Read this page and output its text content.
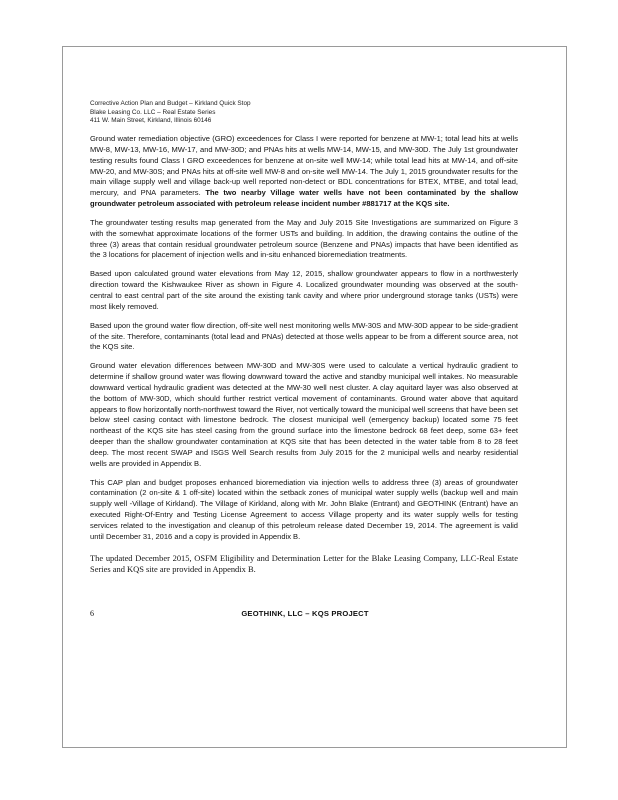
Corrective Action Plan and Budget – Kirkland Quick Stop
Blake Leasing Co. LLC – Real Estate Series
411 W. Main Street, Kirkland, Illinois 60146

Ground water remediation objective (GRO) exceedences for Class I were reported for benzene at MW-1; total lead hits at wells MW-8, MW-13, MW-16, MW-17, and MW-30D; and PNAs hits at wells MW-14, MW-15, and MW-30D. The July 1st groundwater testing results found Class I GRO exceedences for benzene at on-site well MW-14; while total lead hits at MW-14, and off-site MW-20, and MW-30S; and PNAs hits at off-site well MW-8 and on-site well MW-14. The July 1, 2015 groundwater results for the main village supply well and village back-up well reported non-detect or BDL concentrations for BTEX, MTBE, and total lead, mercury, and PNA parameters. The two nearby Village water wells have not been contaminated by the shallow groundwater petroleum associated with petroleum release incident number #881717 at the KQS site.

The groundwater testing results map generated from the May and July 2015 Site Investigations are summarized on Figure 3 with the somewhat approximate locations of the former USTs and building. In addition, the drawing contains the outline of the three (3) areas that contain residual groundwater petroleum source (Benzene and PNAs) impacts that have been identified as the 3 locations for placement of injection wells and in-situ enhanced bioremediation treatments.

Based upon calculated ground water elevations from May 12, 2015, shallow groundwater appears to flow in a northwesterly direction toward the Kishwaukee River as shown in Figure 4. Localized groundwater mounding was observed at the south-central to east central part of the site around the existing tank cavity and where prior underground storage tanks (USTs) were most likely removed.

Based upon the ground water flow direction, off-site well nest monitoring wells MW-30S and MW-30D appear to be side-gradient of the site. Therefore, contaminants (total lead and PNAs) detected at those wells appear to be from a different source area, not the KQS site.

Ground water elevation differences between MW-30D and MW-30S were used to calculate a vertical hydraulic gradient to determine if shallow ground water was flowing downward toward the active and standby municipal well intakes. No measurable downward vertical hydraulic gradient was detected at the MW-30 well nest cluster. A clay aquitard layer was also observed at the bottom of MW-30D, which should further restrict vertical movement of contaminants. Ground water above that aquitard appears to flow horizontally north-northwest toward the River, not vertically toward the municipal well screens that have been set below steel casing contact with limestone bedrock. The closest municipal well (emergency backup) located some 75 feet northeast of the KQS site has steel casing from the ground surface into the limestone bedrock 68 feet deep, some 63+ feet deeper than the shallow groundwater contamination at KQS site that has been detected in the water table from 8 to 28 feet deep. The most recent SWAP and ISGS Well Search results from July 2015 for the 2 municipal wells and nearby residential wells are provided in Appendix B.

This CAP plan and budget proposes enhanced bioremediation via injection wells to address three (3) areas of groundwater contamination (2 on-site & 1 off-site) located within the setback zones of municipal water supply wells (backup well and main supply well -Village of Kirkland). The Village of Kirkland, along with Mr. John Blake (Entrant) and GEOTHINK (Entrant) have an executed Right-Of-Entry and Testing License Agreement to access Village property and its water supply wells for testing services related to the investigation and cleanup of this petroleum release dated December 19, 2014. The agreement is valid until December 31, 2016 and a copy is provided in Appendix B.

The updated December 2015, OSFM Eligibility and Determination Letter for the Blake Leasing Company, LLC-Real Estate Series and KQS site are provided in Appendix B.

6	GEOTHINK, LLC – KQS PROJECT
